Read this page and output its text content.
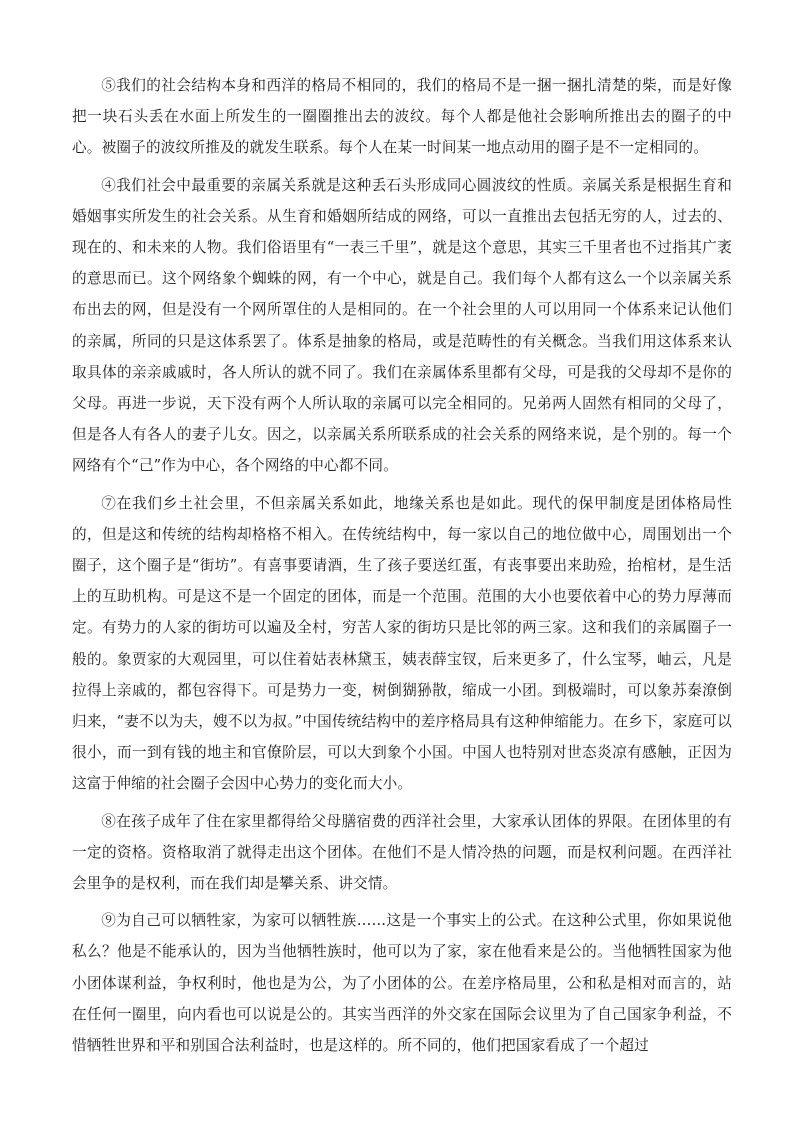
⑤我们的社会结构本身和西洋的格局不相同的，我们的格局不是一捆一捆扎清楚的柴，而是好像把一块石头丢在水面上所发生的一圈圈推出去的波纹。每个人都是他社会影响所推出去的圈子的中心。被圈子的波纹所推及的就发生联系。每个人在某一时间某一地点动用的圈子是不一定相同的。

④我们社会中最重要的亲属关系就是这种丢石头形成同心圆波纹的性质。亲属关系是根据生育和婚姻事实所发生的社会关系。从生育和婚姻所结成的网络，可以一直推出去包括无穷的人，过去的、现在的、和未来的人物。我们俗语里有“一表三千里”，就是这个意思，其实三千里者也不过指其广袤的意思而已。这个网络象个蜘蛛的网，有一个中心，就是自己。我们每个人都有这么一个以亲属关系布出去的网，但是没有一个网所罩住的人是相同的。在一个社会里的人可以用同一个体系来记认他们的亲属，所同的只是这体系罢了。体系是抽象的格局，或是范畴性的有关概念。当我们用这体系来认取具体的亲亲戚戚时，各人所认的就不同了。我们在亲属体系里都有父母，可是我的父母却不是你的父母。再进一步说，天下没有两个人所认取的亲属可以完全相同的。兄弟两人固然有相同的父母了，但是各人有各人的妻子儿女。因之，以亲属关系所联系成的社会关系的网络来说，是个别的。每一个网络有个“己”作为中心，各个网络的中心都不同。

⑦在我们乡土社会里，不但亲属关系如此，地缘关系也是如此。现代的保甲制度是团体格局性的，但是这和传统的结构却格格不相入。在传统结构中，每一家以自己的地位做中心，周围划出一个圈子，这个圈子是“街坊”。有喜事要请酒，生了孩子要送红蛋，有丧事要出来助殓，抬棺材，是生活上的互助机构。可是这不是一个固定的团体，而是一个范围。范围的大小也要依着中心的势力厚薄而定。有势力的人家的街坊可以遍及全村，穷苦人家的街坊只是比邻的两三家。这和我们的亲属圈子一般的。象贾家的大观园里，可以住着姑表林黛玉，姨表薛宝钗，后来更多了，什么宝琴，岫云，凡是拉得上亲戚的，都包容得下。可是势力一变，树倒猢狲散，缩成一小团。到极端时，可以象苏秦潦倒归来，“妻不以为夫，嫂不以为叔。”中国传统结构中的差序格局具有这种伸缩能力。在乡下，家庭可以很小，而一到有钱的地主和官僚阶层，可以大到象个小国。中国人也特别对世态炎凉有感触，正因为这富于伸缩的社会圈子会因中心势力的变化而大小。

⑧在孩子成年了住在家里都得给父母膳宿费的西洋社会里，大家承认团体的界限。在团体里的有一定的资格。资格取消了就得走出这个团体。在他们不是人情冷热的问题，而是权利问题。在西洋社会里争的是权利，而在我们却是攀关系、讲交情。

⑨为自己可以牺牲家，为家可以牺牲族……这是一个事实上的公式。在这种公式里，你如果说他私么？他是不能承认的，因为当他牺牲族时，他可以为了家，家在他看来是公的。当他牺牲国家为他小团体谋利益，争权利时，他也是为公，为了小团体的公。在差序格局里，公和私是相对而言的，站在任何一圈里，向内看也可以说是公的。其实当西洋的外交家在国际会议里为了自己国家争利益，不惜牺牲世界和平和别国合法利益时，也是这样的。所不同的，他们把国家看成了一个超过
